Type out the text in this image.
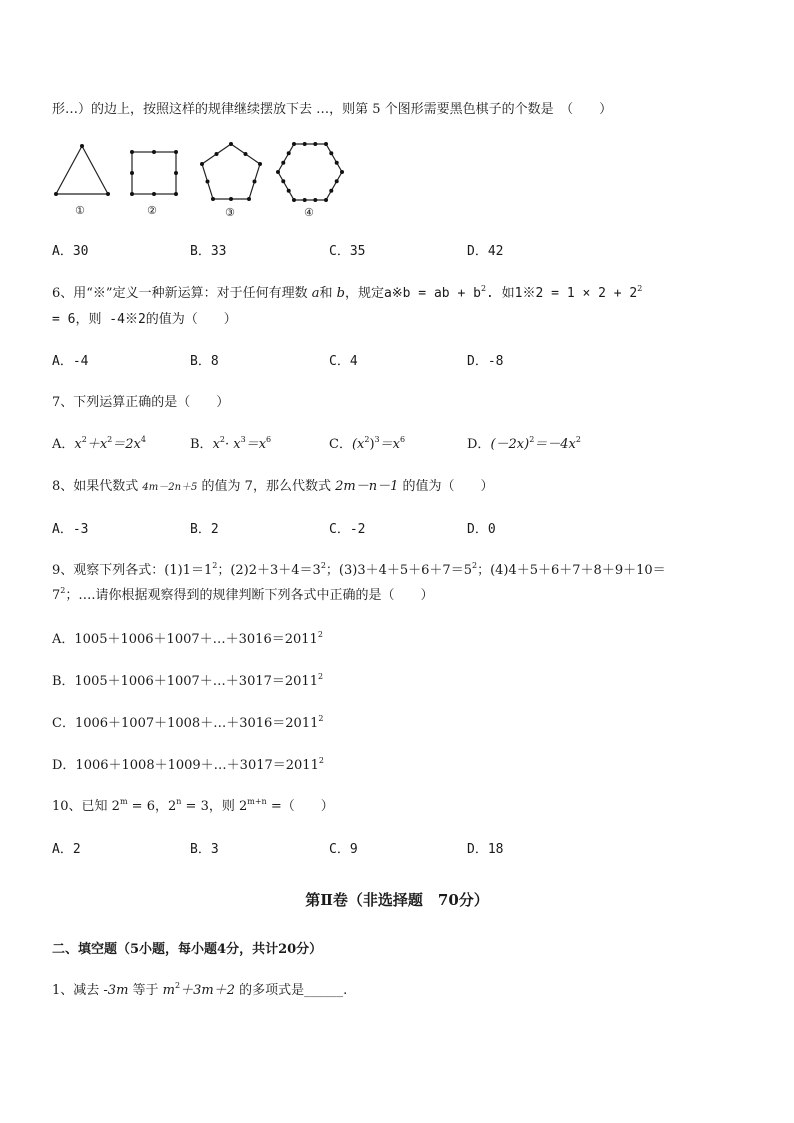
形…）的边上，按照这样的规律继续摆放下去 …，则第 5 个图形需要黑色棋子的个数是　（　　）
①	②	③	④
A．30	B．33	C．35	D．42
6、用“※”定义一种新运算：对于任何有理数 a和 b，规定a※b = ab + $b^2$. 如1※2 = $1 \times 2 + 2^2$
= 6，则 -4※2的值为（　　）
A．-4	B．8	C．4	D．-8
7、下列运算正确的是（　　）
A．$x^2+x^2=2x^4$	B．$x^2\cdot x^3=x^6$	C．$(x^2)^3=x^6$	D．$(-2x)^2=-4x^2$
8、如果代数式 4m－2n＋5 的值为 7，那么代数式 2m－n－1 的值为（　　）
A．-3	B．2	C．-2	D．0
9、观察下列各式：$(1)1=1^2$；$(2)2+3+4=3^2$；$(3)3+4+5+6+7=5^2$；(4)4＋5＋6＋7＋8＋9＋10＝
$7^2$；….请你根据观察得到的规律判断下列各式中正确的是（　　）
A．$1005+1006+1007+\dots+3016=2011^2$
B．$1005+1006+1007+\dots+3017=2011^2$
C．$1006+1007+1008+\dots+3016=2011^2$
D．$1006+1008+1009+\dots+3017=2011^2$
10、已知 $2^m = 6$，$2^n = 3$，则 $2^{m+n}$ =（　　）
A．2	B．3	C．9	D．18
第Ⅱ卷（非选择题　70分）
二、填空题（5小题，每小题4分，共计20分）
1、减去 -3m 等于 $m^2+3m+2$ 的多项式是______.
